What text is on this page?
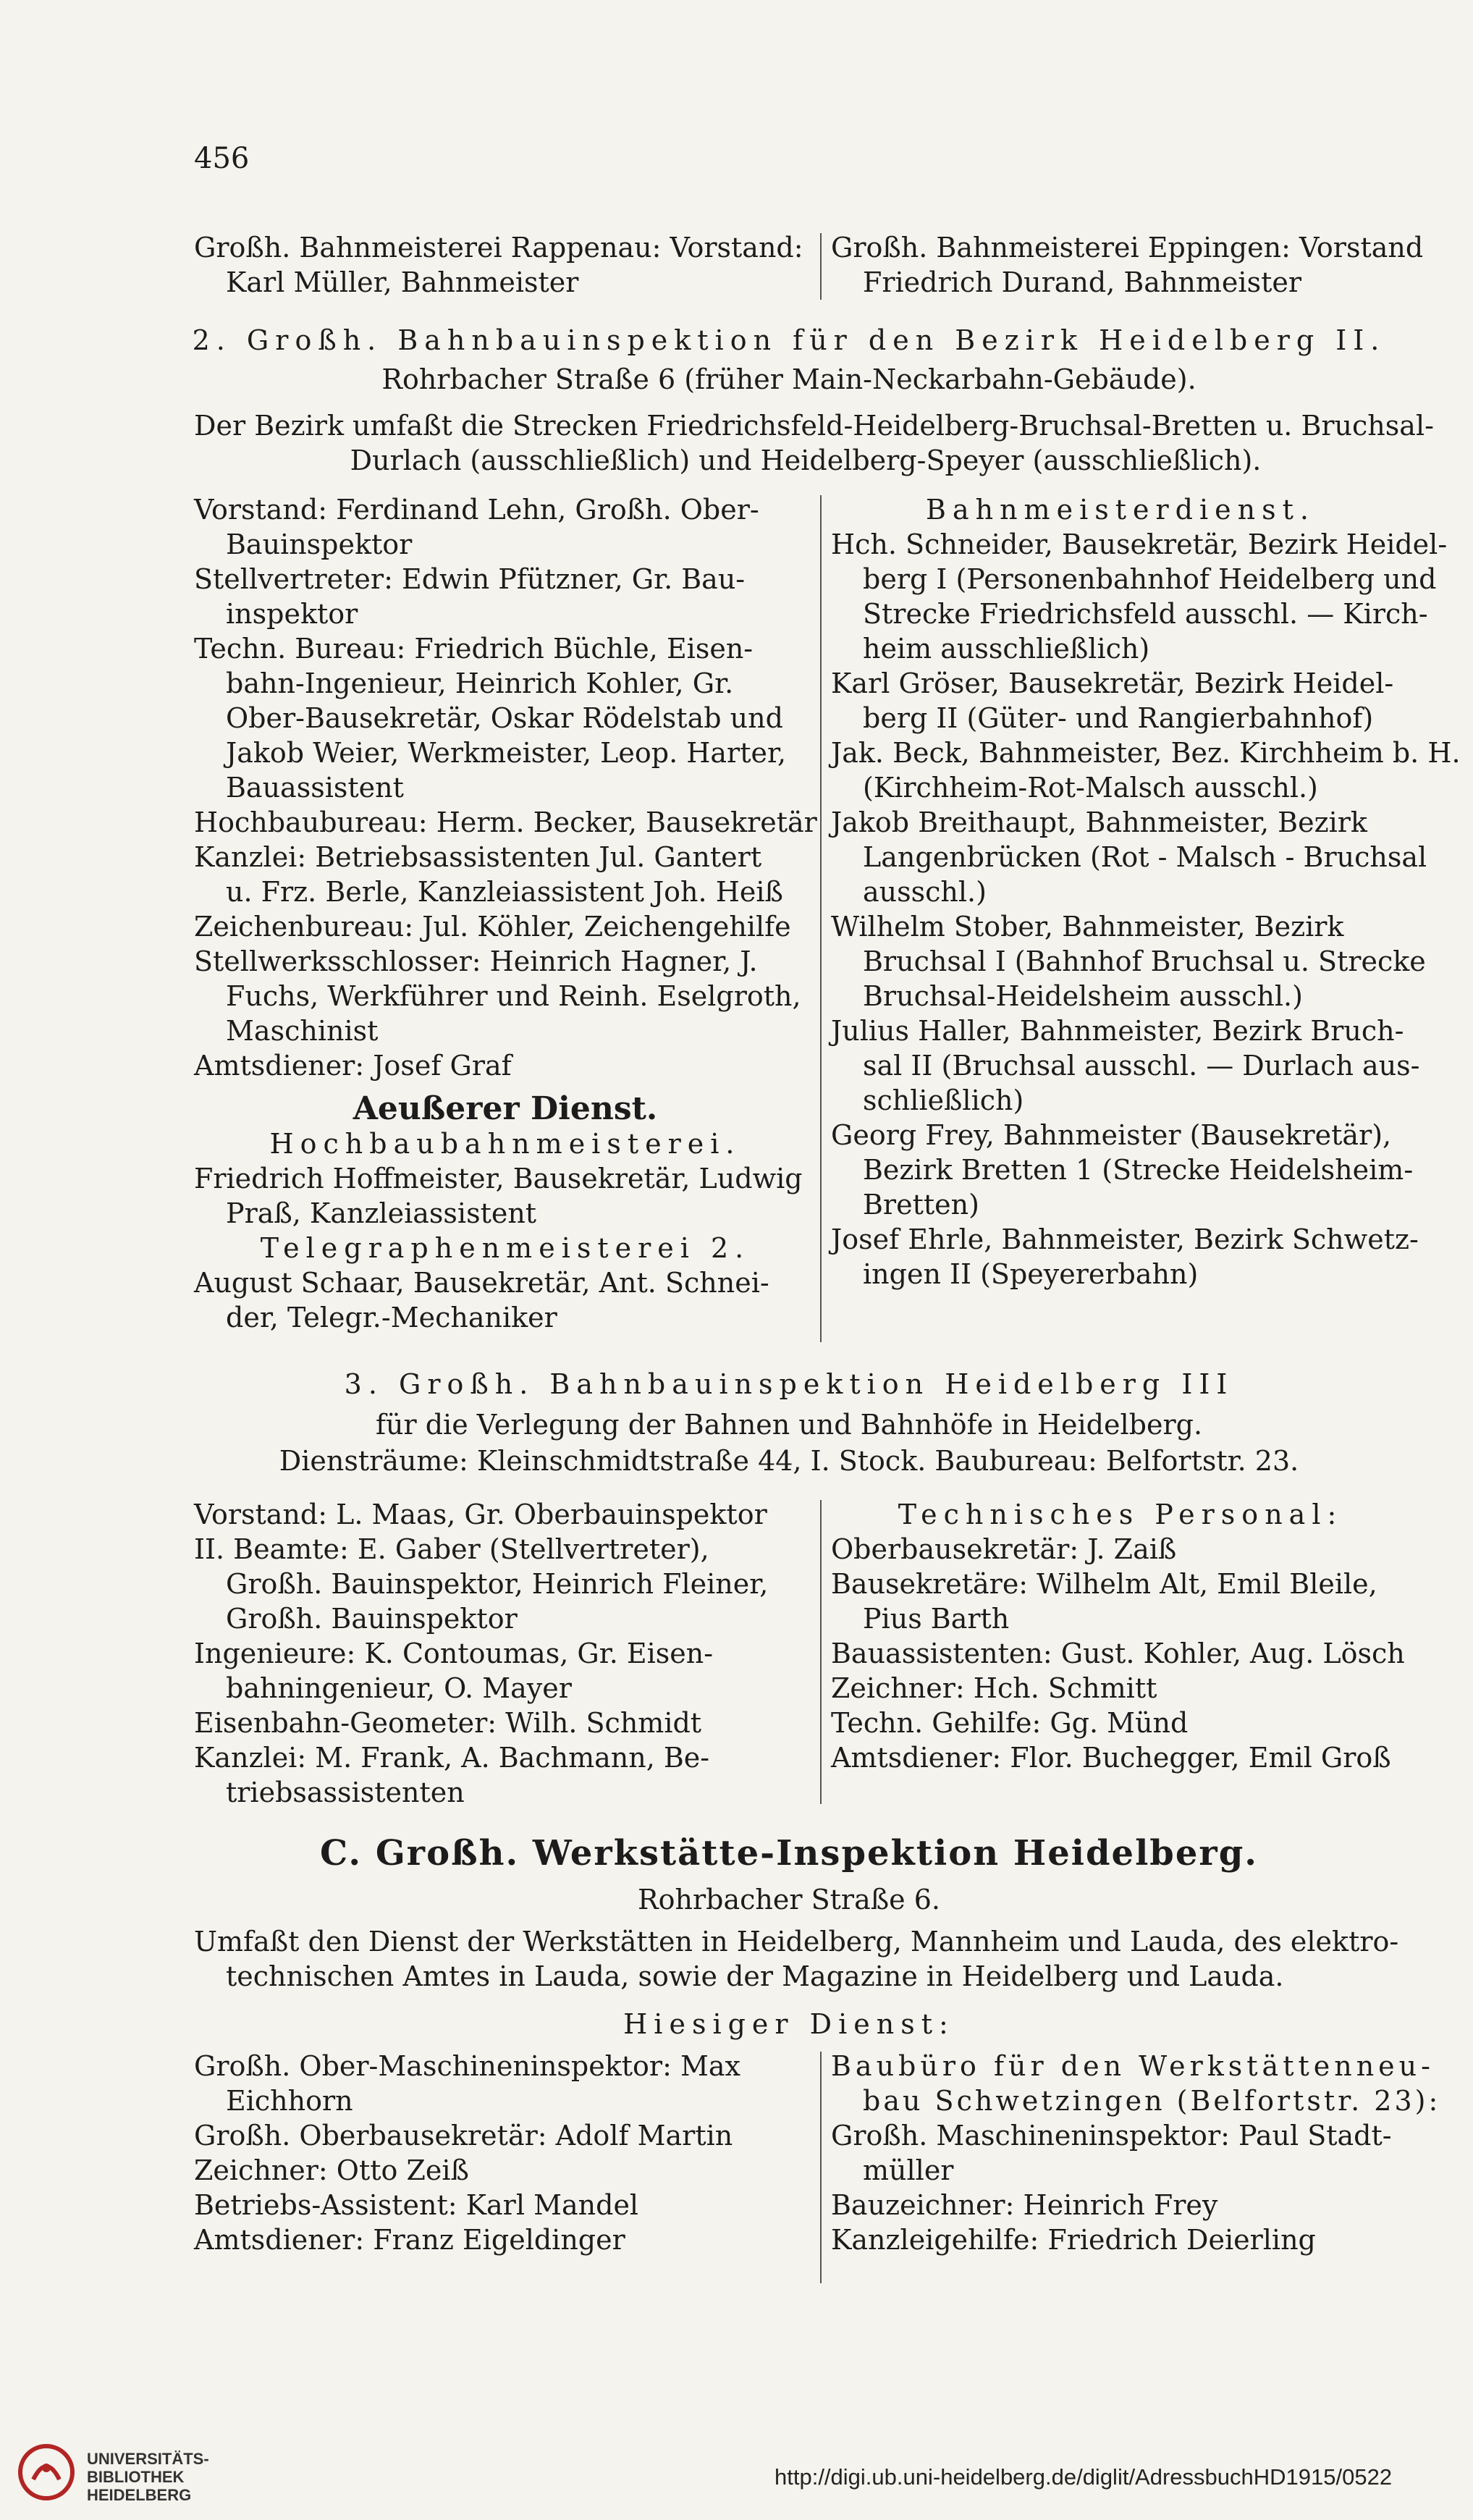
456
Großh. Bahnmeisterei Rappenau: Vorstand:
Karl Müller, Bahnmeister
Großh. Bahnmeisterei Eppingen: Vorstand
Friedrich Durand, Bahnmeister
2. Großh. Bahnbauinspektion für den Bezirk Heidelberg II.
Rohrbacher Straße 6 (früher Main-Neckarbahn-Gebäude).
Der Bezirk umfaßt die Strecken Friedrichsfeld-Heidelberg-Bruchsal-Bretten u. Bruchsal-
Durlach (ausschließlich) und Heidelberg-Speyer (ausschließlich).
Vorstand: Ferdinand Lehn, Großh. Ober-
Bauinspektor
Stellvertreter: Edwin Pfützner, Gr. Bau-
inspektor
Techn. Bureau: Friedrich Büchle, Eisen-
bahn-Ingenieur, Heinrich Kohler, Gr.
Ober-Bausekretär, Oskar Rödelstab und
Jakob Weier, Werkmeister, Leop. Harter,
Bauassistent
Hochbaubureau: Herm. Becker, Bausekretär
Kanzlei: Betriebsassistenten Jul. Gantert
u. Frz. Berle, Kanzleiassistent Joh. Heiß
Zeichenbureau: Jul. Köhler, Zeichengehilfe
Stellwerksschlosser: Heinrich Hagner, J.
Fuchs, Werkführer und Reinh. Eselgroth,
Maschinist
Amtsdiener: Josef Graf
Aeußerer Dienst.
Hochbaubahnmeisterei.
Friedrich Hoffmeister, Bausekretär, Ludwig
Praß, Kanzleiassistent
Telegraphenmeisterei 2.
August Schaar, Bausekretär, Ant. Schnei-
der, Telegr.-Mechaniker
Bahnmeisterdienst.
Hch. Schneider, Bausekretär, Bezirk Heidel-
berg I (Personenbahnhof Heidelberg und
Strecke Friedrichsfeld ausschl. — Kirch-
heim ausschließlich)
Karl Gröser, Bausekretär, Bezirk Heidel-
berg II (Güter- und Rangierbahnhof)
Jak. Beck, Bahnmeister, Bez. Kirchheim b. H.
(Kirchheim-Rot-Malsch ausschl.)
Jakob Breithaupt, Bahnmeister, Bezirk
Langenbrücken (Rot - Malsch - Bruchsal
ausschl.)
Wilhelm Stober, Bahnmeister, Bezirk
Bruchsal I (Bahnhof Bruchsal u. Strecke
Bruchsal-Heidelsheim ausschl.)
Julius Haller, Bahnmeister, Bezirk Bruch-
sal II (Bruchsal ausschl. — Durlach aus-
schließlich)
Georg Frey, Bahnmeister (Bausekretär),
Bezirk Bretten 1 (Strecke Heidelsheim-
Bretten)
Josef Ehrle, Bahnmeister, Bezirk Schwetz-
ingen II (Speyererbahn)
3. Großh. Bahnbauinspektion Heidelberg III
für die Verlegung der Bahnen und Bahnhöfe in Heidelberg.
Diensträume: Kleinschmidtstraße 44, I. Stock. Baubureau: Belfortstr. 23.
Vorstand: L. Maas, Gr. Oberbauinspektor
II. Beamte: E. Gaber (Stellvertreter),
Großh. Bauinspektor, Heinrich Fleiner,
Großh. Bauinspektor
Ingenieure: K. Contoumas, Gr. Eisen-
bahningenieur, O. Mayer
Eisenbahn-Geometer: Wilh. Schmidt
Kanzlei: M. Frank, A. Bachmann, Be-
triebsassistenten
Technisches Personal:
Oberbausekretär: J. Zaiß
Bausekretäre: Wilhelm Alt, Emil Bleile,
Pius Barth
Bauassistenten: Gust. Kohler, Aug. Lösch
Zeichner: Hch. Schmitt
Techn. Gehilfe: Gg. Münd
Amtsdiener: Flor. Buchegger, Emil Groß
C. Großh. Werkstätte-Inspektion Heidelberg.
Rohrbacher Straße 6.
Umfaßt den Dienst der Werkstätten in Heidelberg, Mannheim und Lauda, des elektro-
technischen Amtes in Lauda, sowie der Magazine in Heidelberg und Lauda.
Hiesiger Dienst:
Großh. Ober-Maschineninspektor: Max
Eichhorn
Großh. Oberbausekretär: Adolf Martin
Zeichner: Otto Zeiß
Betriebs-Assistent: Karl Mandel
Amtsdiener: Franz Eigeldinger
Baubüro für den Werkstättenneu-
bau Schwetzingen (Belfortstr. 23):
Großh. Maschineninspektor: Paul Stadt-
müller
Bauzeichner: Heinrich Frey
Kanzleigehilfe: Friedrich Deierling
UNIVERSITÄTS-
BIBLIOTHEK
HEIDELBERG
http://digi.ub.uni-heidelberg.de/diglit/AdressbuchHD1915/0522
